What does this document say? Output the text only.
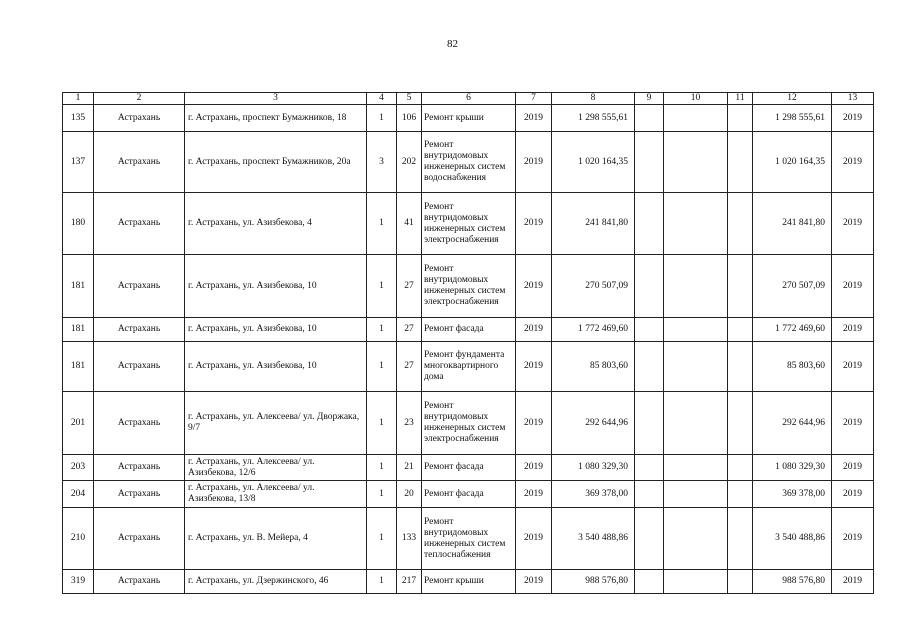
82
1	2	3	4	5	6	7	8	9	10	11	12	13
135	Астрахань	г. Астрахань, проспект Бумажников, 18	1	106	Ремонт крыши	2019	1 298 555,61				1 298 555,61	2019
137	Астрахань	г. Астрахань, проспект Бумажников, 20а	3	202	Ремонт внутридомовых инженерных систем водоснабжения	2019	1 020 164,35				1 020 164,35	2019
180	Астрахань	г. Астрахань, ул. Азизбекова, 4	1	41	Ремонт внутридомовых инженерных систем электроснабжения	2019	241 841,80				241 841,80	2019
181	Астрахань	г. Астрахань, ул. Азизбекова, 10	1	27	Ремонт внутридомовых инженерных систем электроснабжения	2019	270 507,09				270 507,09	2019
181	Астрахань	г. Астрахань, ул. Азизбекова, 10	1	27	Ремонт фасада	2019	1 772 469,60				1 772 469,60	2019
181	Астрахань	г. Астрахань, ул. Азизбекова, 10	1	27	Ремонт фундамента многоквартирного дома	2019	85 803,60				85 803,60	2019
201	Астрахань	г. Астрахань, ул. Алексеева/ ул. Дворжака, 9/7	1	23	Ремонт внутридомовых инженерных систем электроснабжения	2019	292 644,96				292 644,96	2019
203	Астрахань	г. Астрахань, ул. Алексеева/ ул. Азизбекова, 12/6	1	21	Ремонт фасада	2019	1 080 329,30				1 080 329,30	2019
204	Астрахань	г. Астрахань, ул. Алексеева/ ул. Азизбекова, 13/8	1	20	Ремонт фасада	2019	369 378,00				369 378,00	2019
210	Астрахань	г. Астрахань, ул. В. Мейера, 4	1	133	Ремонт внутридомовых инженерных систем теплоснабжения	2019	3 540 488,86				3 540 488,86	2019
319	Астрахань	г. Астрахань, ул. Дзержинского, 46	1	217	Ремонт крыши	2019	988 576,80				988 576,80	2019
